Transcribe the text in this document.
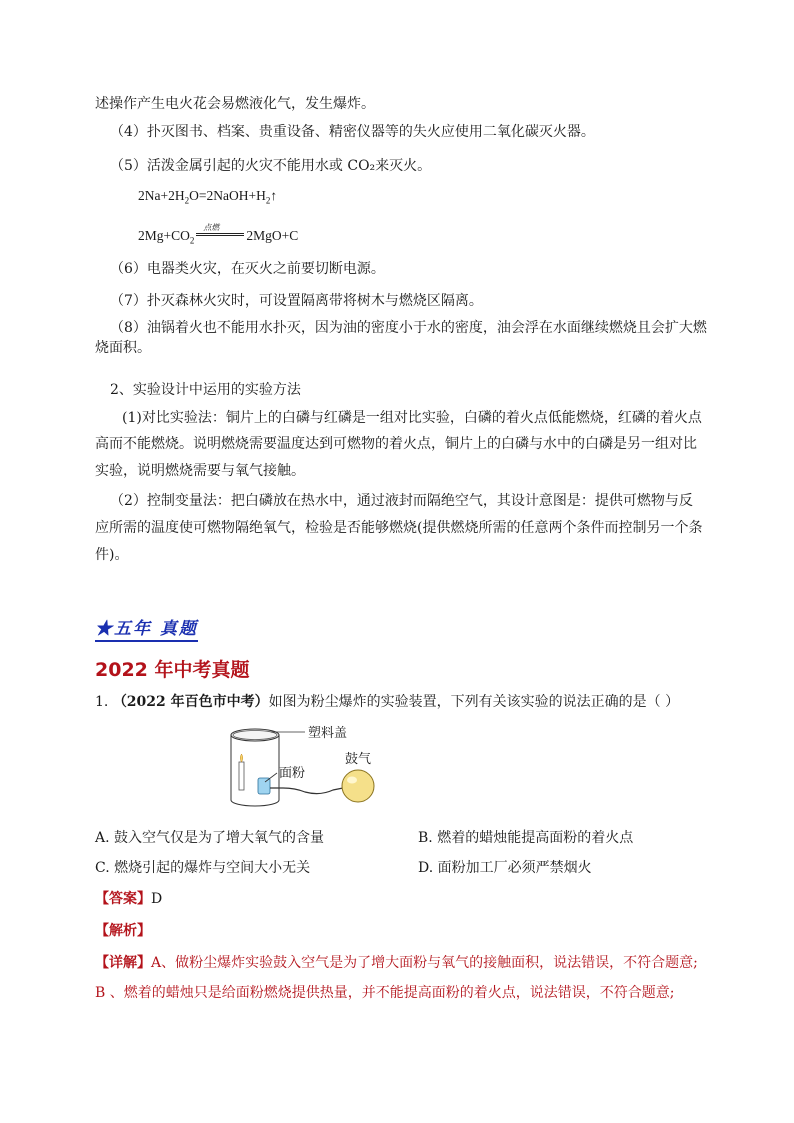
述操作产生电火花会易燃液化气，发生爆炸。
（4）扑灭图书、档案、贵重设备、精密仪器等的失火应使用二氧化碳灭火器。
（5）活泼金属引起的火灾不能用水或 CO₂来灭火。
$2Na+2H_2O=2NaOH+H_2↑$
$2Mg+CO_2$
点燃
2MgO+C
（6）电器类火灾，在灭火之前要切断电源。
（7）扑灭森林火灾时，可设置隔离带将树木与燃烧区隔离。
（8）油锅着火也不能用水扑灭，因为油的密度小于水的密度，油会浮在水面继续燃烧且会扩大燃
烧面积。
2、实验设计中运用的实验方法
(1)对比实验法：铜片上的白磷与红磷是一组对比实验，白磷的着火点低能燃烧，红磷的着火点
高而不能燃烧。说明燃烧需要温度达到可燃物的着火点，铜片上的白磷与水中的白磷是另一组对比
实验，说明燃烧需要与氧气接触。
（2）控制变量法：把白磷放在热水中，通过液封而隔绝空气，其设计意图是：提供可燃物与反
应所需的温度使可燃物隔绝氧气，检验是否能够燃烧(提供燃烧所需的任意两个条件而控制另一个条
件)。
★五年 真题
2022 年中考真题
1. （2022 年百色市中考）如图为粉尘爆炸的实验装置，下列有关该实验的说法正确的是（ ）
塑料盖
面粉
鼓气
A. 鼓入空气仅是为了增大氧气的含量	B. 燃着的蜡烛能提高面粉的着火点
C. 燃烧引起的爆炸与空间大小无关	D. 面粉加工厂必须严禁烟火
【答案】D
【解析】
【详解】A、做粉尘爆炸实验鼓入空气是为了增大面粉与氧气的接触面积，说法错误，不符合题意;
B 、燃着的蜡烛只是给面粉燃烧提供热量，并不能提高面粉的着火点，说法错误，不符合题意;
